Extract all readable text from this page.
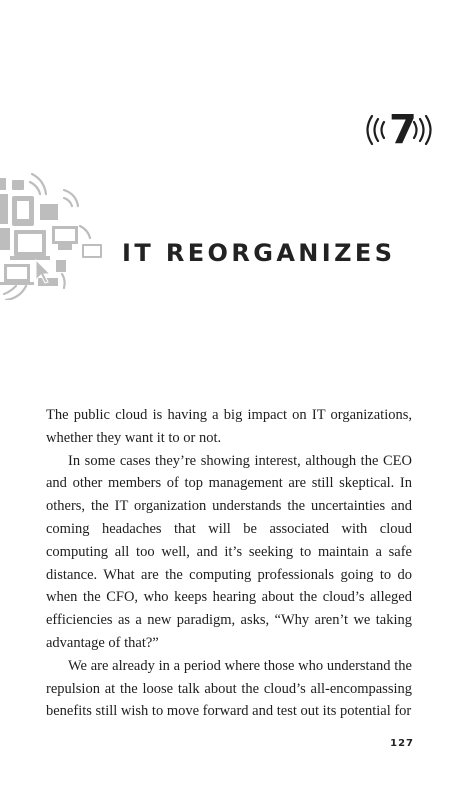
7
IT REORGANIZES

The public cloud is having a big impact on IT organizations, whether they want it to or not.

In some cases they’re showing interest, although the CEO and other members of top management are still skeptical. In others, the IT organization understands the uncertainties and coming headaches that will be associated with cloud computing all too well, and it’s seeking to maintain a safe distance. What are the computing professionals going to do when the CFO, who keeps hearing about the cloud’s alleged efficiencies as a new paradigm, asks, “Why aren’t we taking advantage of that?”

We are already in a period where those who understand the repulsion at the loose talk about the cloud’s all-encompassing benefits still wish to move forward and test out its potential for

127
